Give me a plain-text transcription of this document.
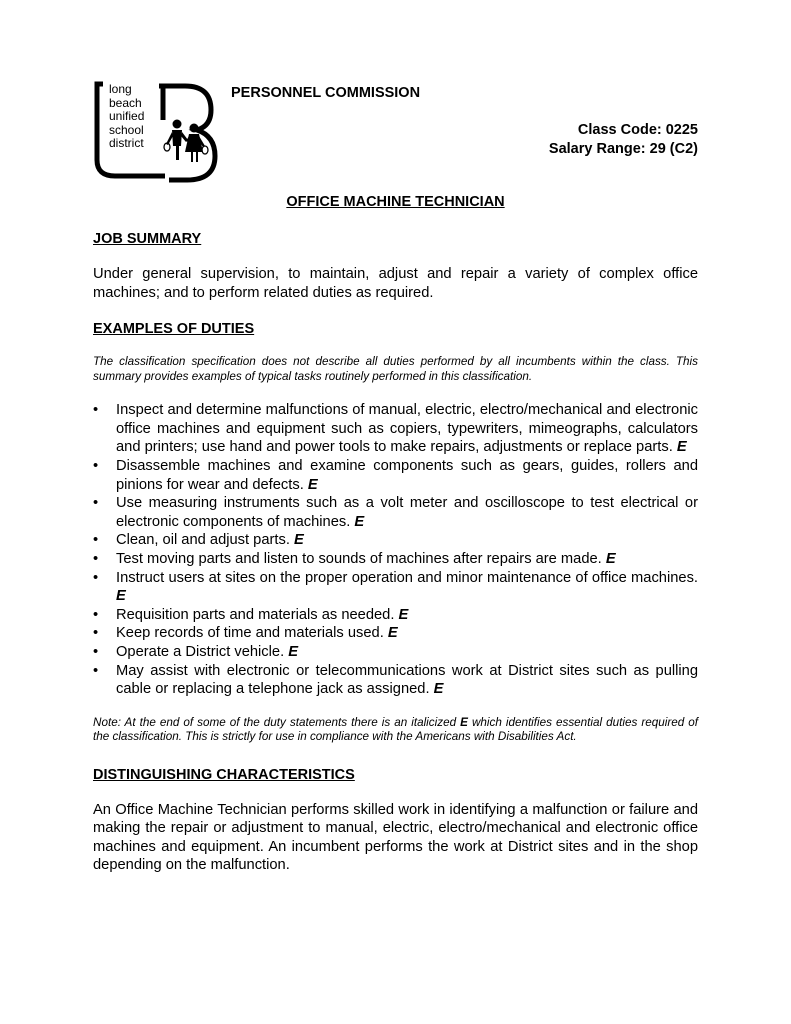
long
beach
unified
school
district
PERSONNEL COMMISSION
Class Code: 0225
Salary Range: 29 (C2)
OFFICE MACHINE TECHNICIAN
JOB SUMMARY

Under general supervision, to maintain, adjust and repair a variety of complex office machines; and to perform related duties as required.

EXAMPLES OF DUTIES

The classification specification does not describe all duties performed by all incumbents within the class. This summary provides examples of typical tasks routinely performed in this classification.

• Inspect and determine malfunctions of manual, electric, electro/mechanical and electronic office machines and equipment such as copiers, typewriters, mimeographs, calculators and printers; use hand and power tools to make repairs, adjustments or replace parts. E
• Disassemble machines and examine components such as gears, guides, rollers and pinions for wear and defects. E
• Use measuring instruments such as a volt meter and oscilloscope to test electrical or electronic components of machines. E
• Clean, oil and adjust parts. E
• Test moving parts and listen to sounds of machines after repairs are made. E
• Instruct users at sites on the proper operation and minor maintenance of office machines. E
• Requisition parts and materials as needed. E
• Keep records of time and materials used. E
• Operate a District vehicle. E
• May assist with electronic or telecommunications work at District sites such as pulling cable or replacing a telephone jack as assigned. E

Note: At the end of some of the duty statements there is an italicized E which identifies essential duties required of the classification. This is strictly for use in compliance with the Americans with Disabilities Act.

DISTINGUISHING CHARACTERISTICS

An Office Machine Technician performs skilled work in identifying a malfunction or failure and making the repair or adjustment to manual, electric, electro/mechanical and electronic office machines and equipment. An incumbent performs the work at District sites and in the shop depending on the malfunction.
